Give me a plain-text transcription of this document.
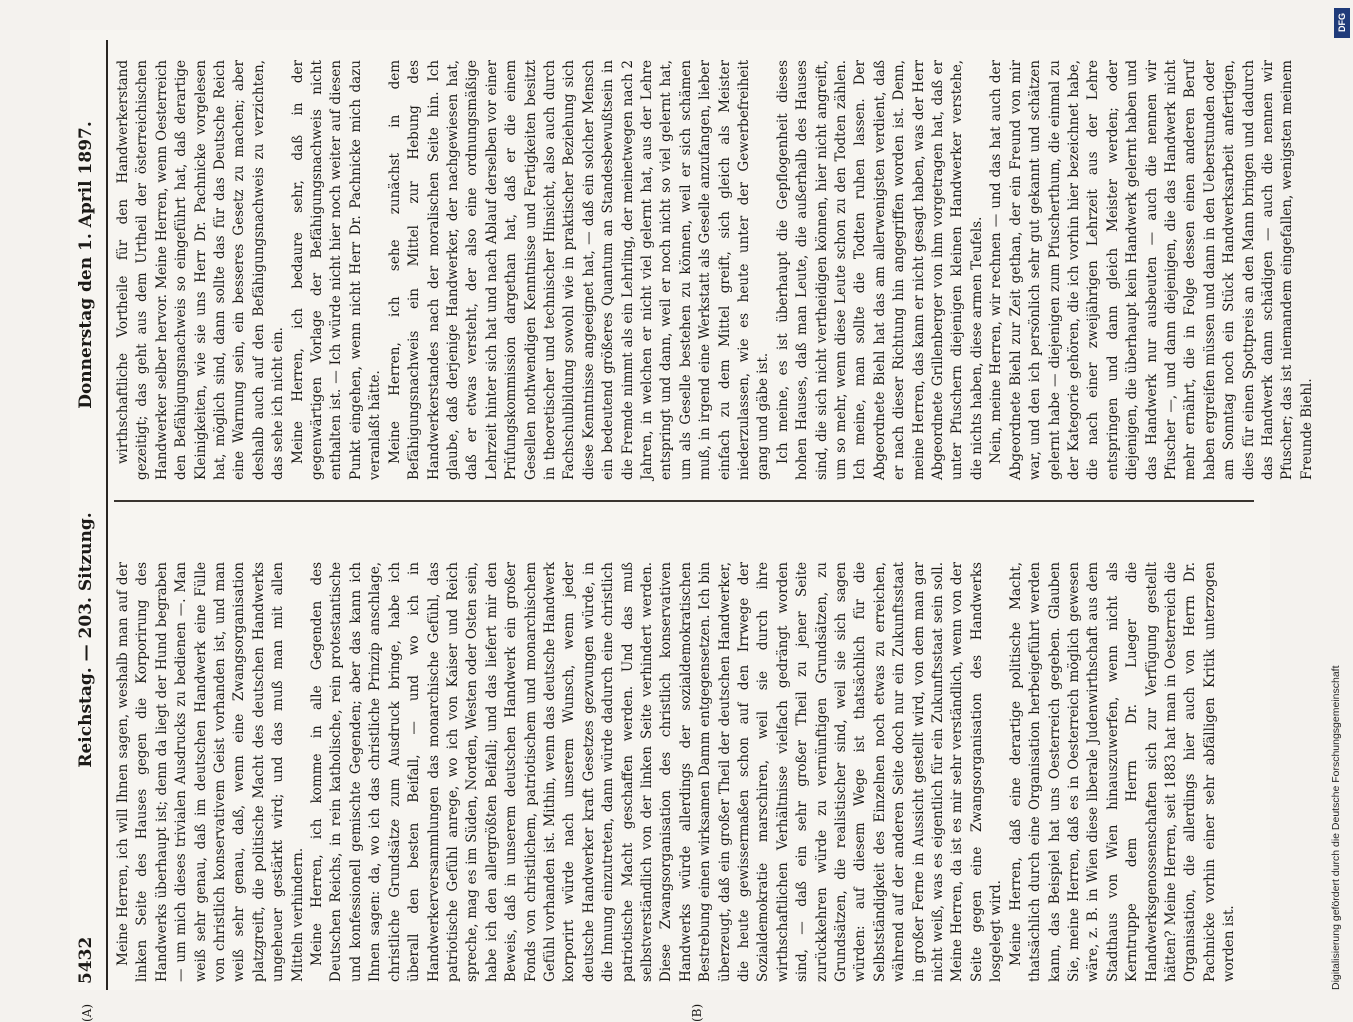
5432
Reichstag. — 203. Sitzung.
Donnerstag den 1. April 1897.
(A)	(B)

Meine Herren, ich will Ihnen sagen, weshalb man auf der linken Seite des Hauses gegen die Korporirung des Handwerks überhaupt ist; denn da liegt der Hund begraben — um mich dieses trivialen Ausdrucks zu bedienen —. Man weiß sehr genau, daß im deutschen Handwerk eine Fülle von christlich konservativem Geist vorhanden ist, und man weiß sehr genau, daß, wenn eine Zwangsorganisation platzgreift, die politische Macht des deutschen Handwerks ungeheuer gestärkt wird; und das muß man mit allen Mitteln verhindern. Meine Herren, ich komme in alle Gegenden des Deutschen Reichs, in rein katholische, rein protestantische und konfessionell gemischte Gegenden; aber das kann ich Ihnen sagen: da, wo ich das christliche Prinzip anschlage, christliche Grundsätze zum Ausdruck bringe, habe ich überall den besten Beifall, — und wo ich in Handwerkerversammlungen das monarchische Gefühl, das patriotische Gefühl anrege, wo ich von Kaiser und Reich spreche, mag es im Süden, Norden, Westen oder Osten sein, habe ich den allergrößten Beifall; und das liefert mir den Beweis, daß in unserem deutschen Handwerk ein großer Fonds von christlichem, patriotischem und monarchischem Gefühl vorhanden ist. Mithin, wenn das deutsche Handwerk korporirt würde nach unserem Wunsch, wenn jeder deutsche Handwerker kraft Gesetzes gezwungen würde, in die Innung einzutreten, dann würde dadurch eine christlich patriotische Macht geschaffen werden. Und das muß selbstverständlich von der linken Seite verhindert werden. Diese Zwangsorganisation des christlich konservativen Handwerks würde allerdings der sozialdemokratischen Bestrebung einen wirksamen Damm entgegensetzen. Ich bin überzeugt, daß ein großer Theil der deutschen Handwerker, die heute gewissermaßen schon auf den Irrwege der Sozialdemokratie marschiren, weil sie durch ihre wirthschaftlichen Verhältnisse vielfach gedrängt worden sind, — daß ein sehr großer Theil zu jener Seite zurückkehren würde zu vernünftigen Grundsätzen, zu Grundsätzen, die realistischer sind, weil sie sich sagen würden: auf diesem Wege ist thatsächlich für die Selbstständigkeit des Einzelnen noch etwas zu erreichen, während auf der anderen Seite doch nur ein Zukunftsstaat in großer Ferne in Aussicht gestellt wird, von dem man gar nicht weiß, was es eigentlich für ein Zukunftsstaat sein soll. Meine Herren, da ist es mir sehr verständlich, wenn von der Seite gegen eine Zwangsorganisation des Handwerks losgelegt wird. Meine Herren, daß eine derartige politische Macht, thatsächlich durch eine Organisation herbeigeführt werden kann, das Beispiel hat uns Oesterreich gegeben. Glauben Sie, meine Herren, daß es in Oesterreich möglich gewesen wäre, z. B. in Wien diese liberale Judenwirthschaft aus dem Stadthaus von Wien hinauszuwerfen, wenn nicht als Kerntruppe dem Herrn Dr. Lueger die Handwerksgenossenschaften sich zur Verfügung gestellt hätten? Meine Herren, seit 1883 hat man in Oesterreich die Organisation, die allerdings hier auch von Herrn Dr. Pachnicke vorhin einer sehr abfälligen Kritik unterzogen worden ist.

wirthschaftliche Vortheile für den Handwerkerstand gezeitigt; das geht aus dem Urtheil der österreichischen Handwerker selber hervor. Meine Herren, wenn Oesterreich den Befähigungsnachweis so eingeführt hat, daß derartige Kleinigkeiten, wie sie uns Herr Dr. Pachnicke vorgelesen hat, möglich sind, dann sollte das für das Deutsche Reich eine Warnung sein, ein besseres Gesetz zu machen; aber deshalb auch auf den Befähigungsnachweis zu verzichten, das sehe ich nicht ein. Meine Herren, ich bedaure sehr, daß in der gegenwärtigen Vorlage der Befähigungsnachweis nicht enthalten ist. — Ich würde nicht hier noch weiter auf diesen Punkt eingehen, wenn nicht Herr Dr. Pachnicke mich dazu veranlaßt hätte. Meine Herren, ich sehe zunächst in dem Befähigungsnachweis ein Mittel zur Hebung des Handwerkerstandes nach der moralischen Seite hin. Ich glaube, daß derjenige Handwerker, der nachgewiesen hat, daß er etwas versteht, der also eine ordnungsmäßige Lehrzeit hinter sich hat und nach Ablauf derselben vor einer Prüfungskommission dargethan hat, daß er die einem Gesellen nothwendigen Kenntnisse und Fertigkeiten besitzt in theoretischer und technischer Hinsicht, also auch durch Fachschulbildung sowohl wie in praktischer Beziehung sich diese Kenntnisse angeeignet hat, — daß ein solcher Mensch ein bedeutend größeres Quantum an Standesbewußtsein in die Fremde nimmt als ein Lehrling, der meinetwegen nach 2 Jahren, in welchen er nicht viel gelernt hat, aus der Lehre entspringt und dann, weil er noch nicht so viel gelernt hat, um als Geselle bestehen zu können, weil er sich schämen muß, in irgend eine Werkstatt als Geselle anzufangen, lieber einfach zu dem Mittel greift, sich gleich als Meister niederzulassen, wie es heute unter der Gewerbefreiheit gang und gäbe ist. Ich meine, es ist überhaupt die Gepflogenheit dieses hohen Hauses, daß man Leute, die außerhalb des Hauses sind, die sich nicht vertheidigen können, hier nicht angreift, um so mehr, wenn diese Leute schon zu den Todten zählen. Ich meine, man sollte die Todten ruhen lassen. Der Abgeordnete Biehl hat das am allerwenigsten verdient, daß er nach dieser Richtung hin angegriffen worden ist. Denn, meine Herren, das kann er nicht gesagt haben, was der Herr Abgeordnete Grillenberger von ihm vorgetragen hat, daß er unter Pfuschern diejenigen kleinen Handwerker verstehe, die nichts haben, diese armen Teufels. Nein, meine Herren, wir rechnen — und das hat auch der Abgeordnete Biehl zur Zeit gethan, der ein Freund von mir war, und den ich persönlich sehr gut gekannt und schätzen gelernt habe — diejenigen zum Pfuscherthum, die einmal zu der Kategorie gehören, die ich vorhin hier bezeichnet habe, die nach einer zweijährigen Lehrzeit aus der Lehre entspringen und dann gleich Meister werden; oder diejenigen, die überhaupt kein Handwerk gelernt haben und das Handwerk nur ausbeuten — auch die nennen wir Pfuscher —, und dann diejenigen, die das Handwerk nicht mehr ernährt, die in Folge dessen einen anderen Beruf haben ergreifen müssen und dann in den Ueberstunden oder am Sonntag noch ein Stück Handwerksarbeit anfertigen, dies für einen Spottpreis an den Mann bringen und dadurch das Handwerk dann schädigen — auch die nennen wir Pfuscher; das ist niemandem eingefallen, wenigsten meinem Freunde Biehl.

DFG
Digitalisierung gefördert durch die Deutsche Forschungsgemeinschaft
